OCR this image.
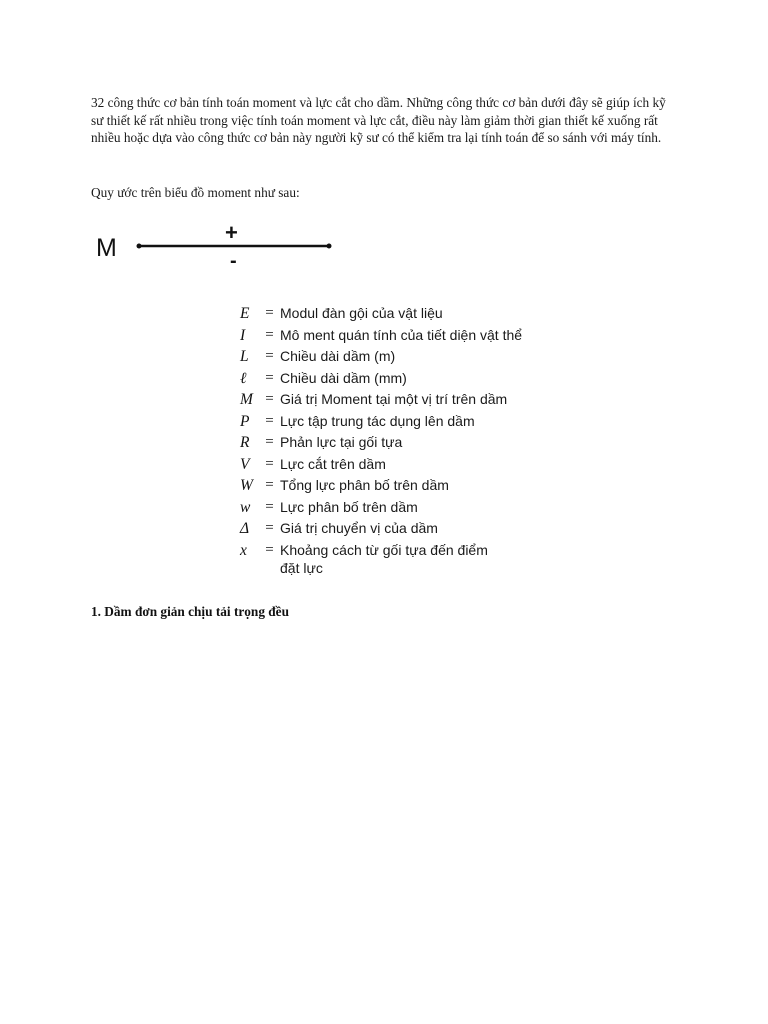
32 công thức cơ bản tính toán moment và lực cắt cho dầm. Những công thức cơ bản dưới đây sẽ giúp ích kỹ sư thiết kế rất nhiều trong việc tính toán moment và lực cắt, điều này làm giảm thời gian thiết kế xuống rất nhiều hoặc dựa vào công thức cơ bản này người kỹ sư có thể kiểm tra lại tính toán để so sánh với máy tính.

Quy ước trên biểu đồ moment như sau:

M
+
-
E	= Modul đàn gội của vật liệu
I	= Mô ment quán tính của tiết diện vật thể
L	= Chiều dài dầm (m)
ℓ	= Chiều dài dầm (mm)
M = Giá trị Moment tại một vị trí trên dầm
P	= Lực tập trung tác dụng lên dầm
R	= Phản lực tại gối tựa
V	= Lực cắt trên dầm
W = Tổng lực phân bố trên dầm
w = Lực phân bố trên dầm
Δ	= Giá trị chuyển vị của dầm
x	= Khoảng cách từ gối tựa đến điểm
đặt lực
1. Dầm đơn giản chịu tải trọng đều
